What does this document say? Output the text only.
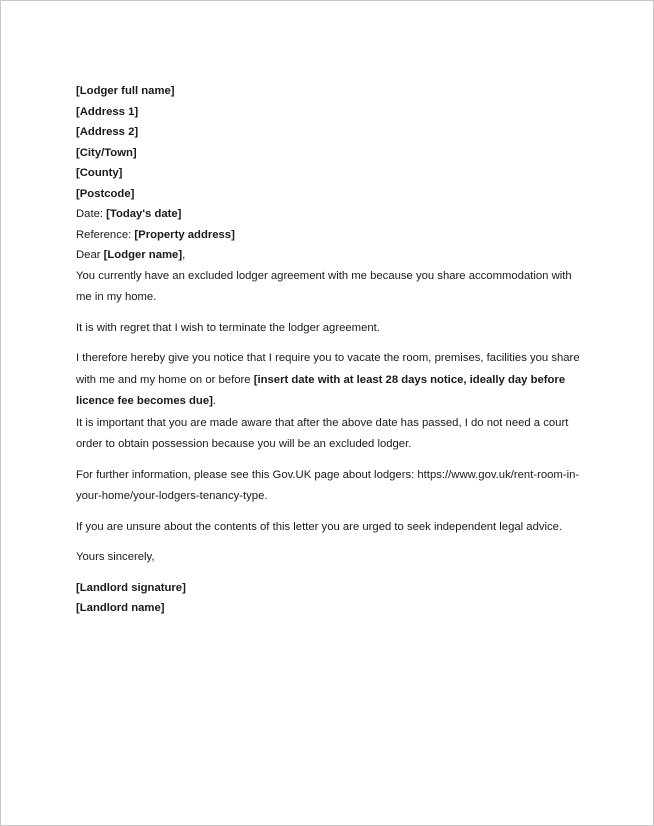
[Lodger full name]
[Address 1]
[Address 2]
[City/Town]
[County]
[Postcode]
Date: [Today's date]
Reference: [Property address]
Dear [Lodger name],
You currently have an excluded lodger agreement with me because you share accommodation with me in my home.
It is with regret that I wish to terminate the lodger agreement.
I therefore hereby give you notice that I require you to vacate the room, premises, facilities you share with me and my home on or before [insert date with at least 28 days notice, ideally day before licence fee becomes due].
It is important that you are made aware that after the above date has passed, I do not need a court order to obtain possession because you will be an excluded lodger.
For further information, please see this Gov.UK page about lodgers: https://www.gov.uk/rent-room-in-your-home/your-lodgers-tenancy-type.
If you are unsure about the contents of this letter you are urged to seek independent legal advice.
Yours sincerely,
[Landlord signature]
[Landlord name]
